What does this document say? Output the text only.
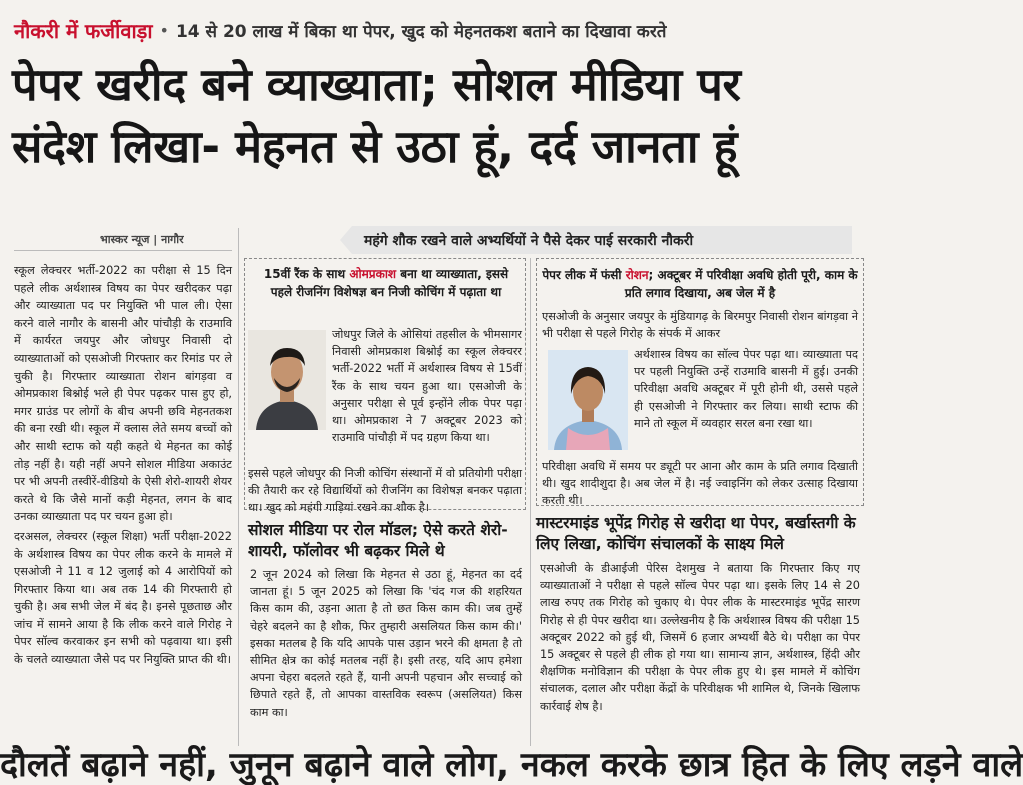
नौकरी में फर्जीवाड़ा • 14 से 20 लाख में बिका था पेपर, खुद को मेहनतकश बताने का दिखावा करते
पेपर खरीद बने व्याख्याता; सोशल मीडिया पर
संदेश लिखा- मेहनत से उठा हूं, दर्द जानता हूं
भास्कर न्यूज | नागौर

स्कूल लेक्चरर भर्ती-2022 का परीक्षा से 15 दिन पहले लीक अर्थशास्त्र विषय का पेपर खरीदकर पढ़ा और व्याख्याता पद पर नियुक्ति भी पाल ली। ऐसा करने वाले नागौर के बासनी और पांचौड़ी के राउमावि में कार्यरत जयपुर और जोधपुर निवासी दो व्याख्याताओं को एसओजी गिरफ्तार कर रिमांड पर ले चुकी है। गिरफ्तार व्याख्याता रोशन बांगड़वा व ओमप्रकाश बिश्नोई भले ही पेपर पढ़कर पास हुए हो, मगर ग्राउंड पर लोगों के बीच अपनी छवि मेहनतकश की बना रखी थी। स्कूल में क्लास लेते समय बच्चों को और साथी स्टाफ को यही कहते थे मेहनत का कोई तोड़ नहीं है। यही नहीं अपने सोशल मीडिया अकाउंट पर भी अपनी तस्वीरें-वीडियो के ऐसी शेरो-शायरी शेयर करते थे कि जैसे मानों कड़ी मेहनत, लगन के बाद उनका व्याख्याता पद पर चयन हुआ हो।

दरअसल, लेक्चरर (स्कूल शिक्षा) भर्ती परीक्षा-2022 के अर्थशास्त्र विषय का पेपर लीक करने के मामले में एसओजी ने 11 व 12 जुलाई को 4 आरोपियों को गिरफ्तार किया था। अब तक 14 की गिरफ्तारी हो चुकी है। अब सभी जेल में बंद है। इनसे पूछताछ और जांच में सामने आया है कि लीक करने वाले गिरोह ने पेपर सॉल्व करवाकर इन सभी को पढ़वाया था। इसी के चलते व्याख्याता जैसे पद पर नियुक्ति प्राप्त की थी।

महंगे शौक रखने वाले अभ्यर्थियों ने पैसे देकर पाई सरकारी नौकरी
15वीं रैंक के साथ ओमप्रकाश बना था व्याख्याता, इससे पहले रीजनिंग विशेषज्ञ बन निजी कोचिंग में पढ़ाता था
जोधपुर जिले के ओसियां तहसील के भीमसागर निवासी ओमप्रकाश बिश्नोई का स्कूल लेक्चरर भर्ती-2022 भर्ती में अर्थशास्त्र विषय से 15वीं रैंक के साथ चयन हुआ था। एसओजी के अनुसार परीक्षा से पूर्व इन्होंने लीक पेपर पढ़ा था। ओमप्रकाश ने 7 अक्टूबर 2023 को राउमावि पांचौड़ी में पद ग्रहण किया था।
इससे पहले जोधपुर की निजी कोचिंग संस्थानों में वो प्रतियोगी परीक्षा की तैयारी कर रहे विद्यार्थियों को रीजनिंग का विशेषज्ञ बनकर पढ़ाता था। खुद को महंगी गाड़ियां रखने का शौक है।
सोशल मीडिया पर रोल मॉडल; ऐसे करते शेरो-शायरी, फॉलोवर भी बढ़कर मिले थे
2 जून 2024 को लिखा कि मेहनत से उठा हूं, मेहनत का दर्द जानता हूं। 5 जून 2025 को लिखा कि 'चंद गज की शहरियत किस काम की, उड़ना आता है तो छत किस काम की। जब तुम्हें चेहरे बदलने का है शौक, फिर तुम्हारी असलियत किस काम की।' इसका मतलब है कि यदि आपके पास उड़ान भरने की क्षमता है तो सीमित क्षेत्र का कोई मतलब नहीं है। इसी तरह, यदि आप हमेशा अपना चेहरा बदलते रहते हैं, यानी अपनी पहचान और सच्चाई को छिपाते रहते हैं, तो आपका वास्तविक स्वरूप (असलियत) किस काम का।
पेपर लीक में फंसी रोशन; अक्टूबर में परिवीक्षा अवधि होती पूरी, काम के प्रति लगाव दिखाया, अब जेल में है
एसओजी के अनुसार जयपुर के मुंडियागढ़ के बिरमपुर निवासी रोशन बांगड़वा ने भी परीक्षा से पहले गिरोह के संपर्क में आकर
अर्थशास्त्र विषय का सॉल्व पेपर पढ़ा था। व्याख्याता पद पर पहली नियुक्ति उन्हें राउमावि बासनी में हुई। उनकी परिवीक्षा अवधि अक्टूबर में पूरी होनी थी, उससे पहले ही एसओजी ने गिरफ्तार कर लिया। साथी स्टाफ की माने तो स्कूल में व्यवहार सरल बना रखा था।
परिवीक्षा अवधि में समय पर ड्यूटी पर आना और काम के प्रति लगाव दिखाती थी। खुद शादीशुदा है। अब जेल में है। नई ज्वाइनिंग को लेकर उत्साह दिखाया करती थी।
मास्टरमाइंड भूपेंद्र गिरोह से खरीदा था पेपर, बर्खास्तगी के लिए लिखा, कोचिंग संचालकों के साक्ष्य मिले
एसओजी के डीआईजी पेरिस देशमुख ने बताया कि गिरफ्तार किए गए व्याख्याताओं ने परीक्षा से पहले सॉल्व पेपर पढ़ा था। इसके लिए 14 से 20 लाख रुपए तक गिरोह को चुकाए थे। पेपर लीक के मास्टरमाइंड भूपेंद्र सारण गिरोह से ही पेपर खरीदा था। उल्लेखनीय है कि अर्थशास्त्र विषय की परीक्षा 15 अक्टूबर 2022 को हुई थी, जिसमें 6 हजार अभ्यर्थी बैठे थे। परीक्षा का पेपर 15 अक्टूबर से पहले ही लीक हो गया था। सामान्य ज्ञान, अर्थशास्त्र, हिंदी और शैक्षणिक मनोविज्ञान की परीक्षा के पेपर लीक हुए थे। इस मामले में कोचिंग संचालक, दलाल और परीक्षा केंद्रों के परिवीक्षक भी शामिल थे, जिनके खिलाफ कार्रवाई शेष है।
दौलतें बढ़ाने नहीं, जुनून बढ़ाने वाले लोग, नकल करके छात्र हित के लिए लड़ने वाले
